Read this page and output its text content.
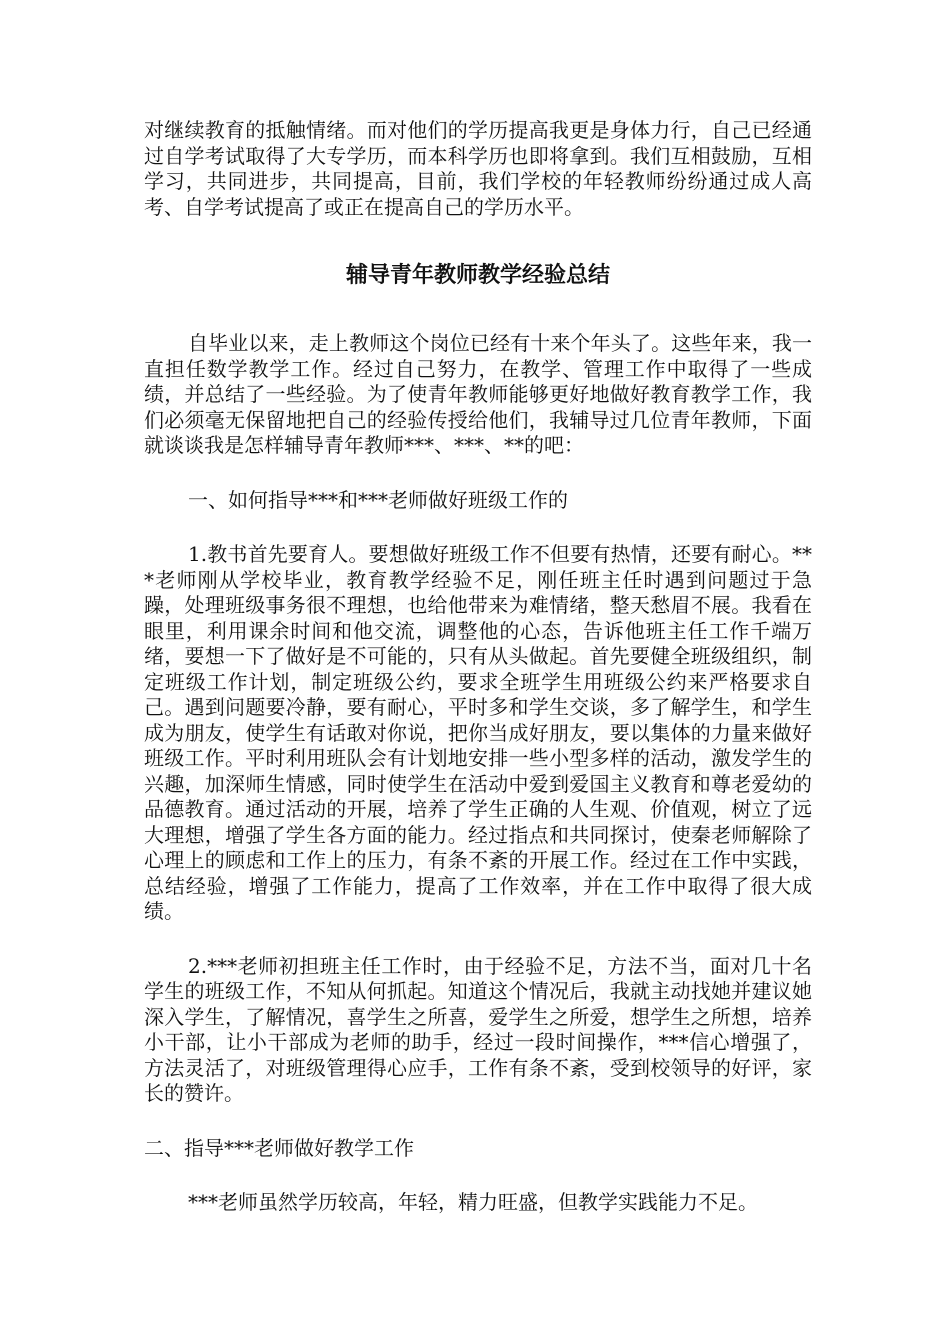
对继续教育的抵触情绪。而对他们的学历提高我更是身体力行，自己已经通过自学考试取得了大专学历，而本科学历也即将拿到。我们互相鼓励，互相学习，共同进步，共同提高，目前，我们学校的年轻教师纷纷通过成人高考、自学考试提高了或正在提高自己的学历水平。

辅导青年教师教学经验总结

自毕业以来，走上教师这个岗位已经有十来个年头了。这些年来，我一直担任数学教学工作。经过自己努力，在教学、管理工作中取得了一些成绩，并总结了一些经验。为了使青年教师能够更好地做好教育教学工作，我们必须毫无保留地把自己的经验传授给他们，我辅导过几位青年教师，下面就谈谈我是怎样辅导青年教师***、***、**的吧：

一、如何指导***和***老师做好班级工作的

1.教书首先要育人。要想做好班级工作不但要有热情，还要有耐心。***老师刚从学校毕业，教育教学经验不足，刚任班主任时遇到问题过于急躁，处理班级事务很不理想，也给他带来为难情绪，整天愁眉不展。我看在眼里，利用课余时间和他交流，调整他的心态，告诉他班主任工作千端万绪，要想一下了做好是不可能的，只有从头做起。首先要健全班级组织，制定班级工作计划，制定班级公约，要求全班学生用班级公约来严格要求自己。遇到问题要冷静，要有耐心，平时多和学生交谈，多了解学生，和学生成为朋友，使学生有话敢对你说，把你当成好朋友，要以集体的力量来做好班级工作。平时利用班队会有计划地安排一些小型多样的活动，激发学生的兴趣，加深师生情感，同时使学生在活动中爱到爱国主义教育和尊老爱幼的品德教育。通过活动的开展，培养了学生正确的人生观、价值观，树立了远大理想，增强了学生各方面的能力。经过指点和共同探讨，使秦老师解除了心理上的顾虑和工作上的压力，有条不紊的开展工作。经过在工作中实践，总结经验，增强了工作能力，提高了工作效率，并在工作中取得了很大成绩。

2.***老师初担班主任工作时，由于经验不足，方法不当，面对几十名学生的班级工作，不知从何抓起。知道这个情况后，我就主动找她并建议她深入学生，了解情况，喜学生之所喜，爱学生之所爱，想学生之所想，培养小干部，让小干部成为老师的助手，经过一段时间操作，***信心增强了，方法灵活了，对班级管理得心应手，工作有条不紊，受到校领导的好评，家长的赞许。

二、指导***老师做好教学工作

***老师虽然学历较高，年轻，精力旺盛，但教学实践能力不足。
